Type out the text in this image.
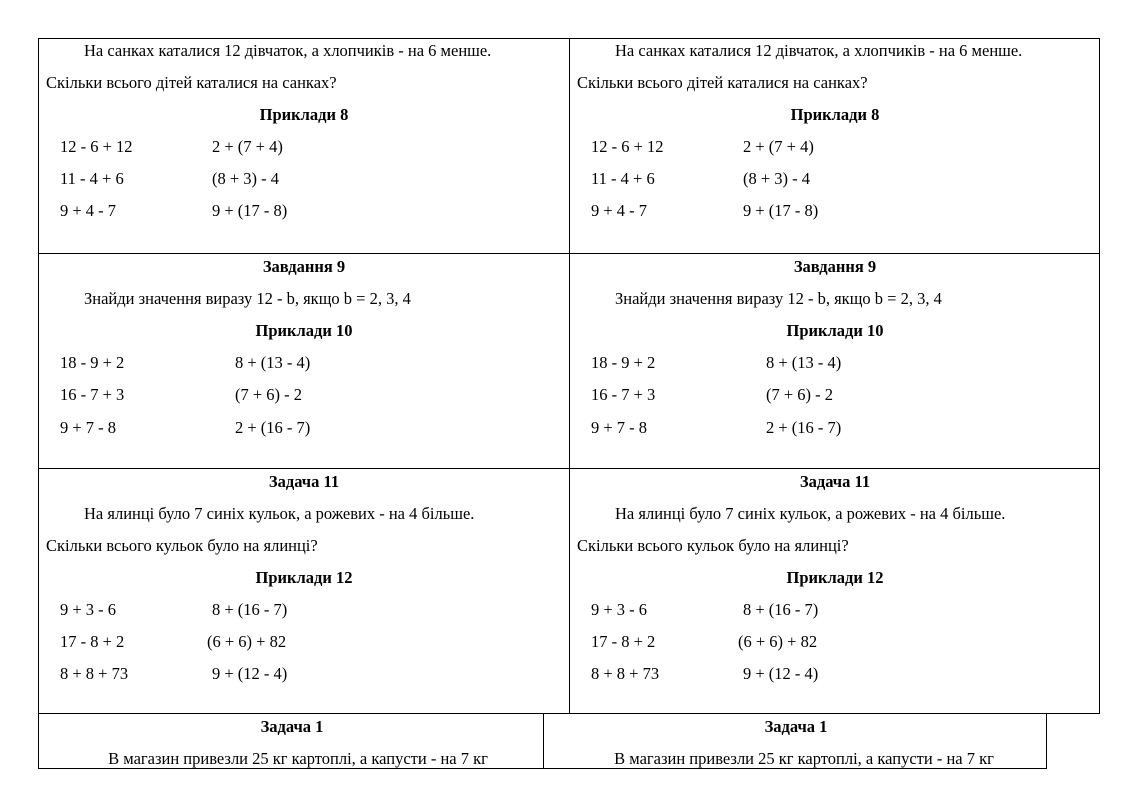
На санках каталися 12 дівчаток, а хлопчиків - на 6 менше.
Скільки всього дітей каталися на санках?
Приклади 8
12 - 6 + 12
11 - 4 + 6
9 + 4 - 7
2 + (7 + 4)
(8 + 3) - 4
9 + (17 - 8)
На санках каталися 12 дівчаток, а хлопчиків - на 6 менше.
Скільки всього дітей каталися на санках?
Приклади 8
12 - 6 + 12
11 - 4 + 6
9 + 4 - 7
2 + (7 + 4)
(8 + 3) - 4
9 + (17 - 8)
Завдання 9
Знайди значення виразу 12 - b, якщо b = 2, 3, 4
Приклади 10
18 - 9 + 2
16 - 7 + 3
9 + 7 - 8
8 + (13 - 4)
(7 + 6) - 2
2 + (16 - 7)
Завдання 9
Знайди значення виразу 12 - b, якщо b = 2, 3, 4
Приклади 10
18 - 9 + 2
16 - 7 + 3
9 + 7 - 8
8 + (13 - 4)
(7 + 6) - 2
2 + (16 - 7)
Задача 11
На ялинці було 7 синіх кульок, а рожевих - на 4 більше.
Скільки всього кульок було на ялинці?
Приклади 12
9 + 3 - 6
17 - 8 + 2
8 + 8 + 73
8 + (16 - 7)
(6 + 6) + 82
9 + (12 - 4)
Задача 11
На ялинці було 7 синіх кульок, а рожевих - на 4 більше.
Скільки всього кульок було на ялинці?
Приклади 12
9 + 3 - 6
17 - 8 + 2
8 + 8 + 73
8 + (16 - 7)
(6 + 6) + 82
9 + (12 - 4)
Задача 1
В магазин привезли 25 кг картоплі, а капусти - на 7 кг
Задача 1
В магазин привезли 25 кг картоплі, а капусти - на 7 кг
